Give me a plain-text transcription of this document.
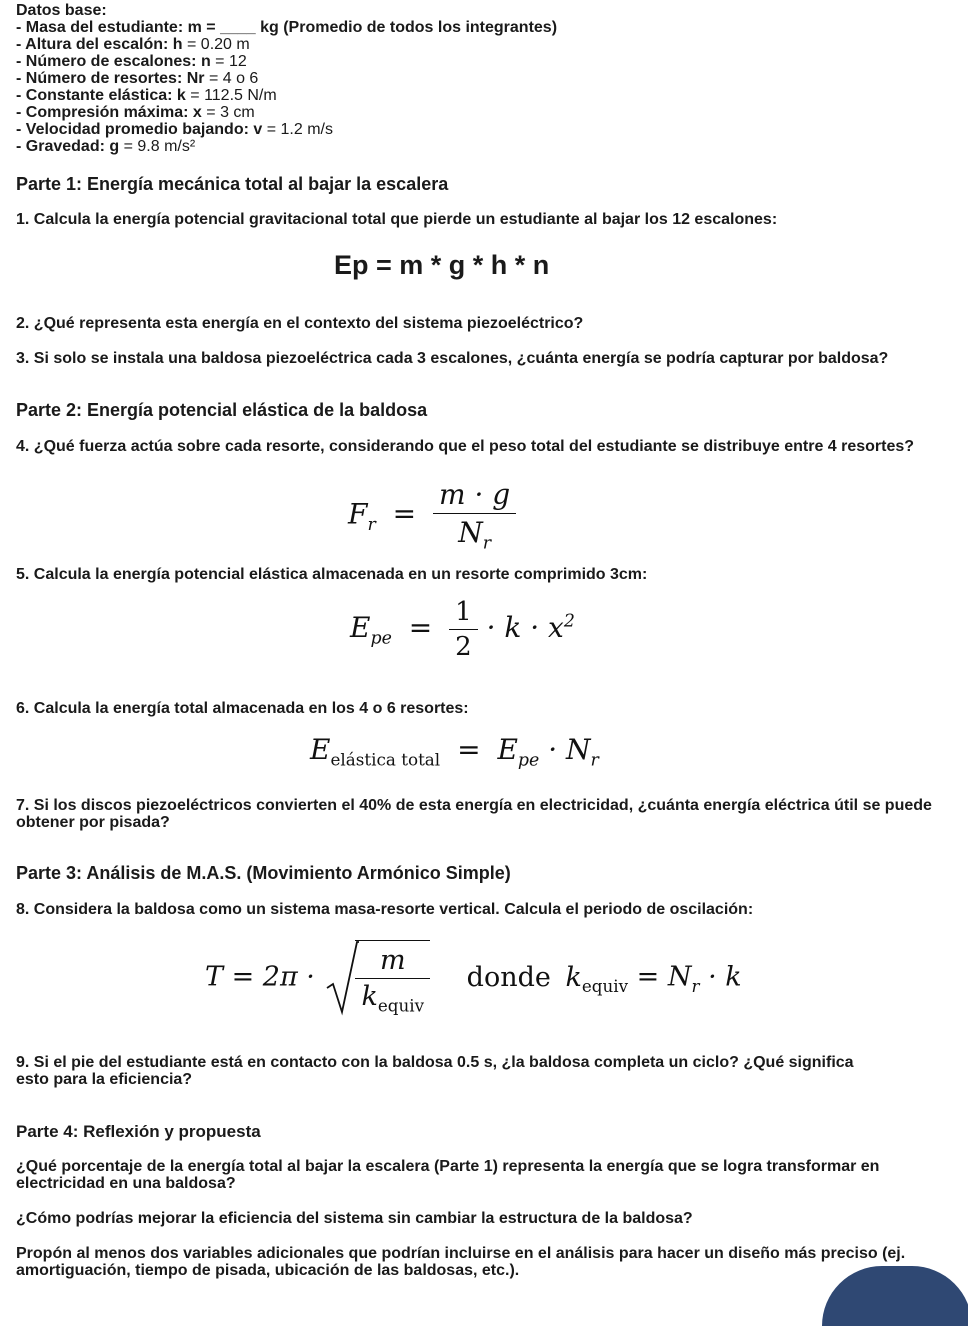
Datos base:
- Masa del estudiante: m = ____ kg (Promedio de todos los integrantes)
- Altura del escalón: h = 0.20 m
- Número de escalones: n = 12
- Número de resortes: Nr = 4 o 6
- Constante elástica: k = 112.5 N/m
- Compresión máxima: x = 3 cm
- Velocidad promedio bajando: v = 1.2 m/s
- Gravedad: g = 9.8 m/s²
Parte 1: Energía mecánica total al bajar la escalera
1. Calcula la energía potencial gravitacional total que pierde un estudiante al bajar los 12 escalones:
Ep = m * g * h * n
2. ¿Qué representa esta energía en el contexto del sistema piezoeléctrico?
3. Si solo se instala una baldosa piezoeléctrica cada 3 escalones, ¿cuánta energía se podría capturar por baldosa?
Parte 2: Energía potencial elástica de la baldosa
4. ¿Qué fuerza actúa sobre cada resorte, considerando que el peso total del estudiante se distribuye entre 4 resortes?
$F_r = \frac{m \cdot g}{N_r}$
5. Calcula la energía potencial elástica almacenada en un resorte comprimido 3cm:
$E_{pe} = \frac{1}{2} \cdot k \cdot x^2$
6. Calcula la energía total almacenada en los 4 o 6 resortes:
$E_{elástica total} = E_{pe} \cdot N_r$
7. Si los discos piezoeléctricos convierten el 40% de esta energía en electricidad, ¿cuánta energía eléctrica útil se puede obtener por pisada?
Parte 3: Análisis de M.A.S. (Movimiento Armónico Simple)
8. Considera la baldosa como un sistema masa-resorte vertical. Calcula el periodo de oscilación:
$T = 2\pi \cdot \frac{m}{k_{equiv}}$ donde $k_{equiv} = N_r \cdot k$
9. Si el pie del estudiante está en contacto con la baldosa 0.5 s, ¿la baldosa completa un ciclo? ¿Qué significa esto para la eficiencia?
Parte 4: Reflexión y propuesta
¿Qué porcentaje de la energía total al bajar la escalera (Parte 1) representa la energía que se logra transformar en electricidad en una baldosa?
¿Cómo podrías mejorar la eficiencia del sistema sin cambiar la estructura de la baldosa?
Propón al menos dos variables adicionales que podrían incluirse en el análisis para hacer un diseño más preciso (ej. amortiguación, tiempo de pisada, ubicación de las baldosas, etc.).
